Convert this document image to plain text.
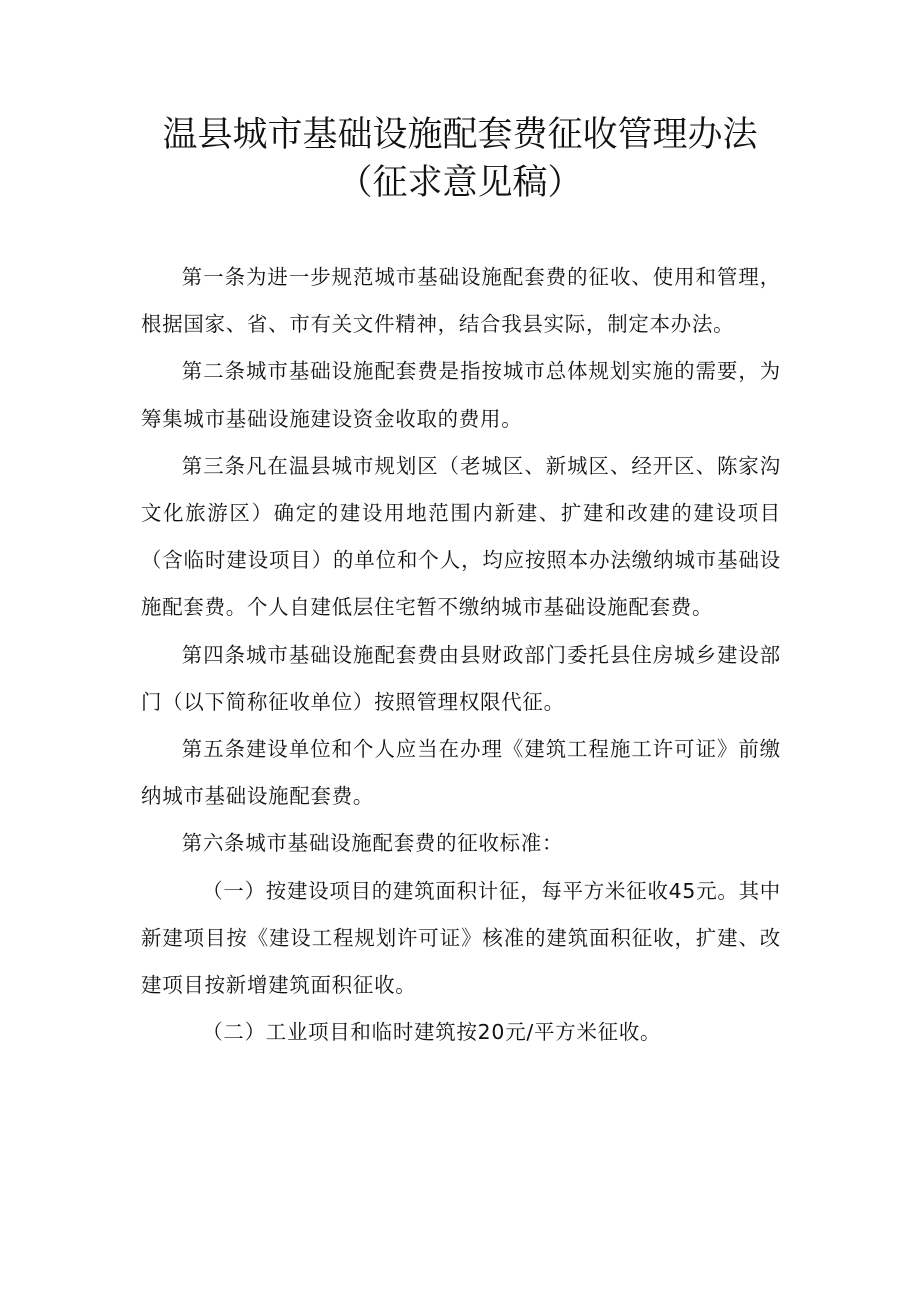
温县城市基础设施配套费征收管理办法
（征求意见稿）

第一条为进一步规范城市基础设施配套费的征收、使用和管理，根据国家、省、市有关文件精神，结合我县实际，制定本办法。

第二条城市基础设施配套费是指按城市总体规划实施的需要，为筹集城市基础设施建设资金收取的费用。

第三条凡在温县城市规划区（老城区、新城区、经开区、陈家沟文化旅游区）确定的建设用地范围内新建、扩建和改建的建设项目（含临时建设项目）的单位和个人，均应按照本办法缴纳城市基础设施配套费。个人自建低层住宅暂不缴纳城市基础设施配套费。

第四条城市基础设施配套费由县财政部门委托县住房城乡建设部门（以下简称征收单位）按照管理权限代征。

第五条建设单位和个人应当在办理《建筑工程施工许可证》前缴纳城市基础设施配套费。

第六条城市基础设施配套费的征收标准：

（一）按建设项目的建筑面积计征，每平方米征收45元。其中新建项目按《建设工程规划许可证》核准的建筑面积征收，扩建、改建项目按新增建筑面积征收。

（二）工业项目和临时建筑按20元/平方米征收。
